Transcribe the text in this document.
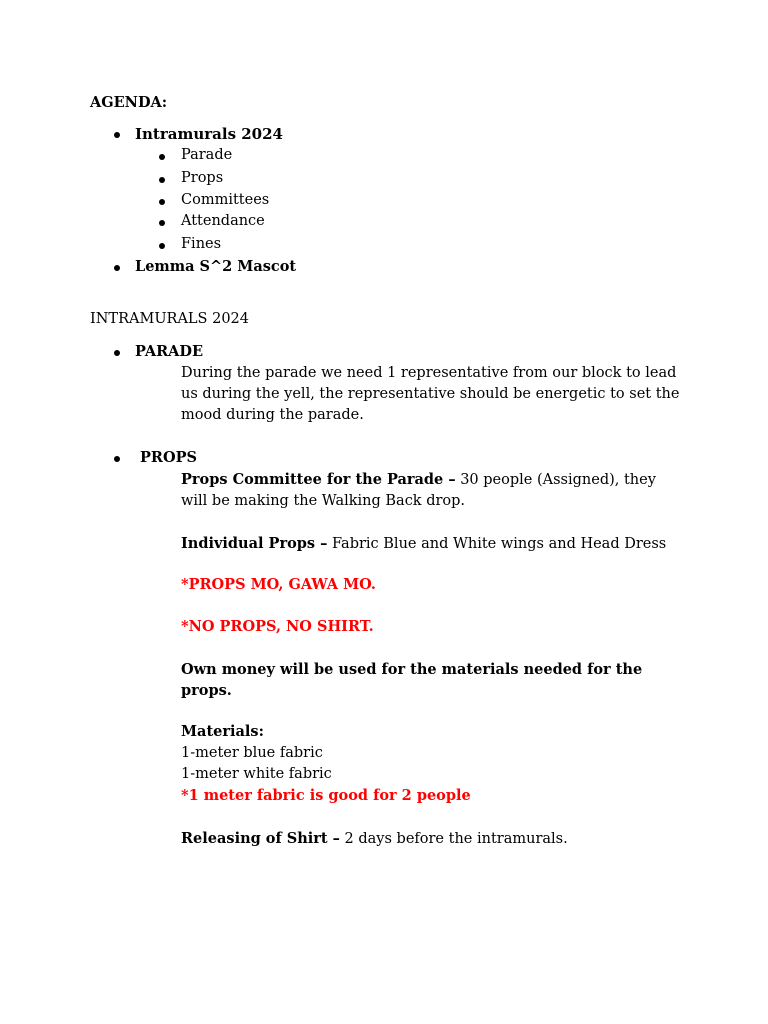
AGENDA:
Intramurals 2024
Parade
Props
Committees
Attendance
Fines
Lemma S^2 Mascot
INTRAMURALS 2024
PARADE
During the parade we need 1 representative from our block to lead us during the yell, the representative should be energetic to set the mood during the parade.
PROPS
Props Committee for the Parade – 30 people (Assigned), they will be making the Walking Back drop.
Individual Props – Fabric Blue and White wings and Head Dress
*PROPS MO, GAWA MO.
*NO PROPS, NO SHIRT.
Own money will be used for the materials needed for the props.
Materials:
1-meter blue fabric
1-meter white fabric
*1 meter fabric is good for 2 people
Releasing of Shirt – 2 days before the intramurals.
